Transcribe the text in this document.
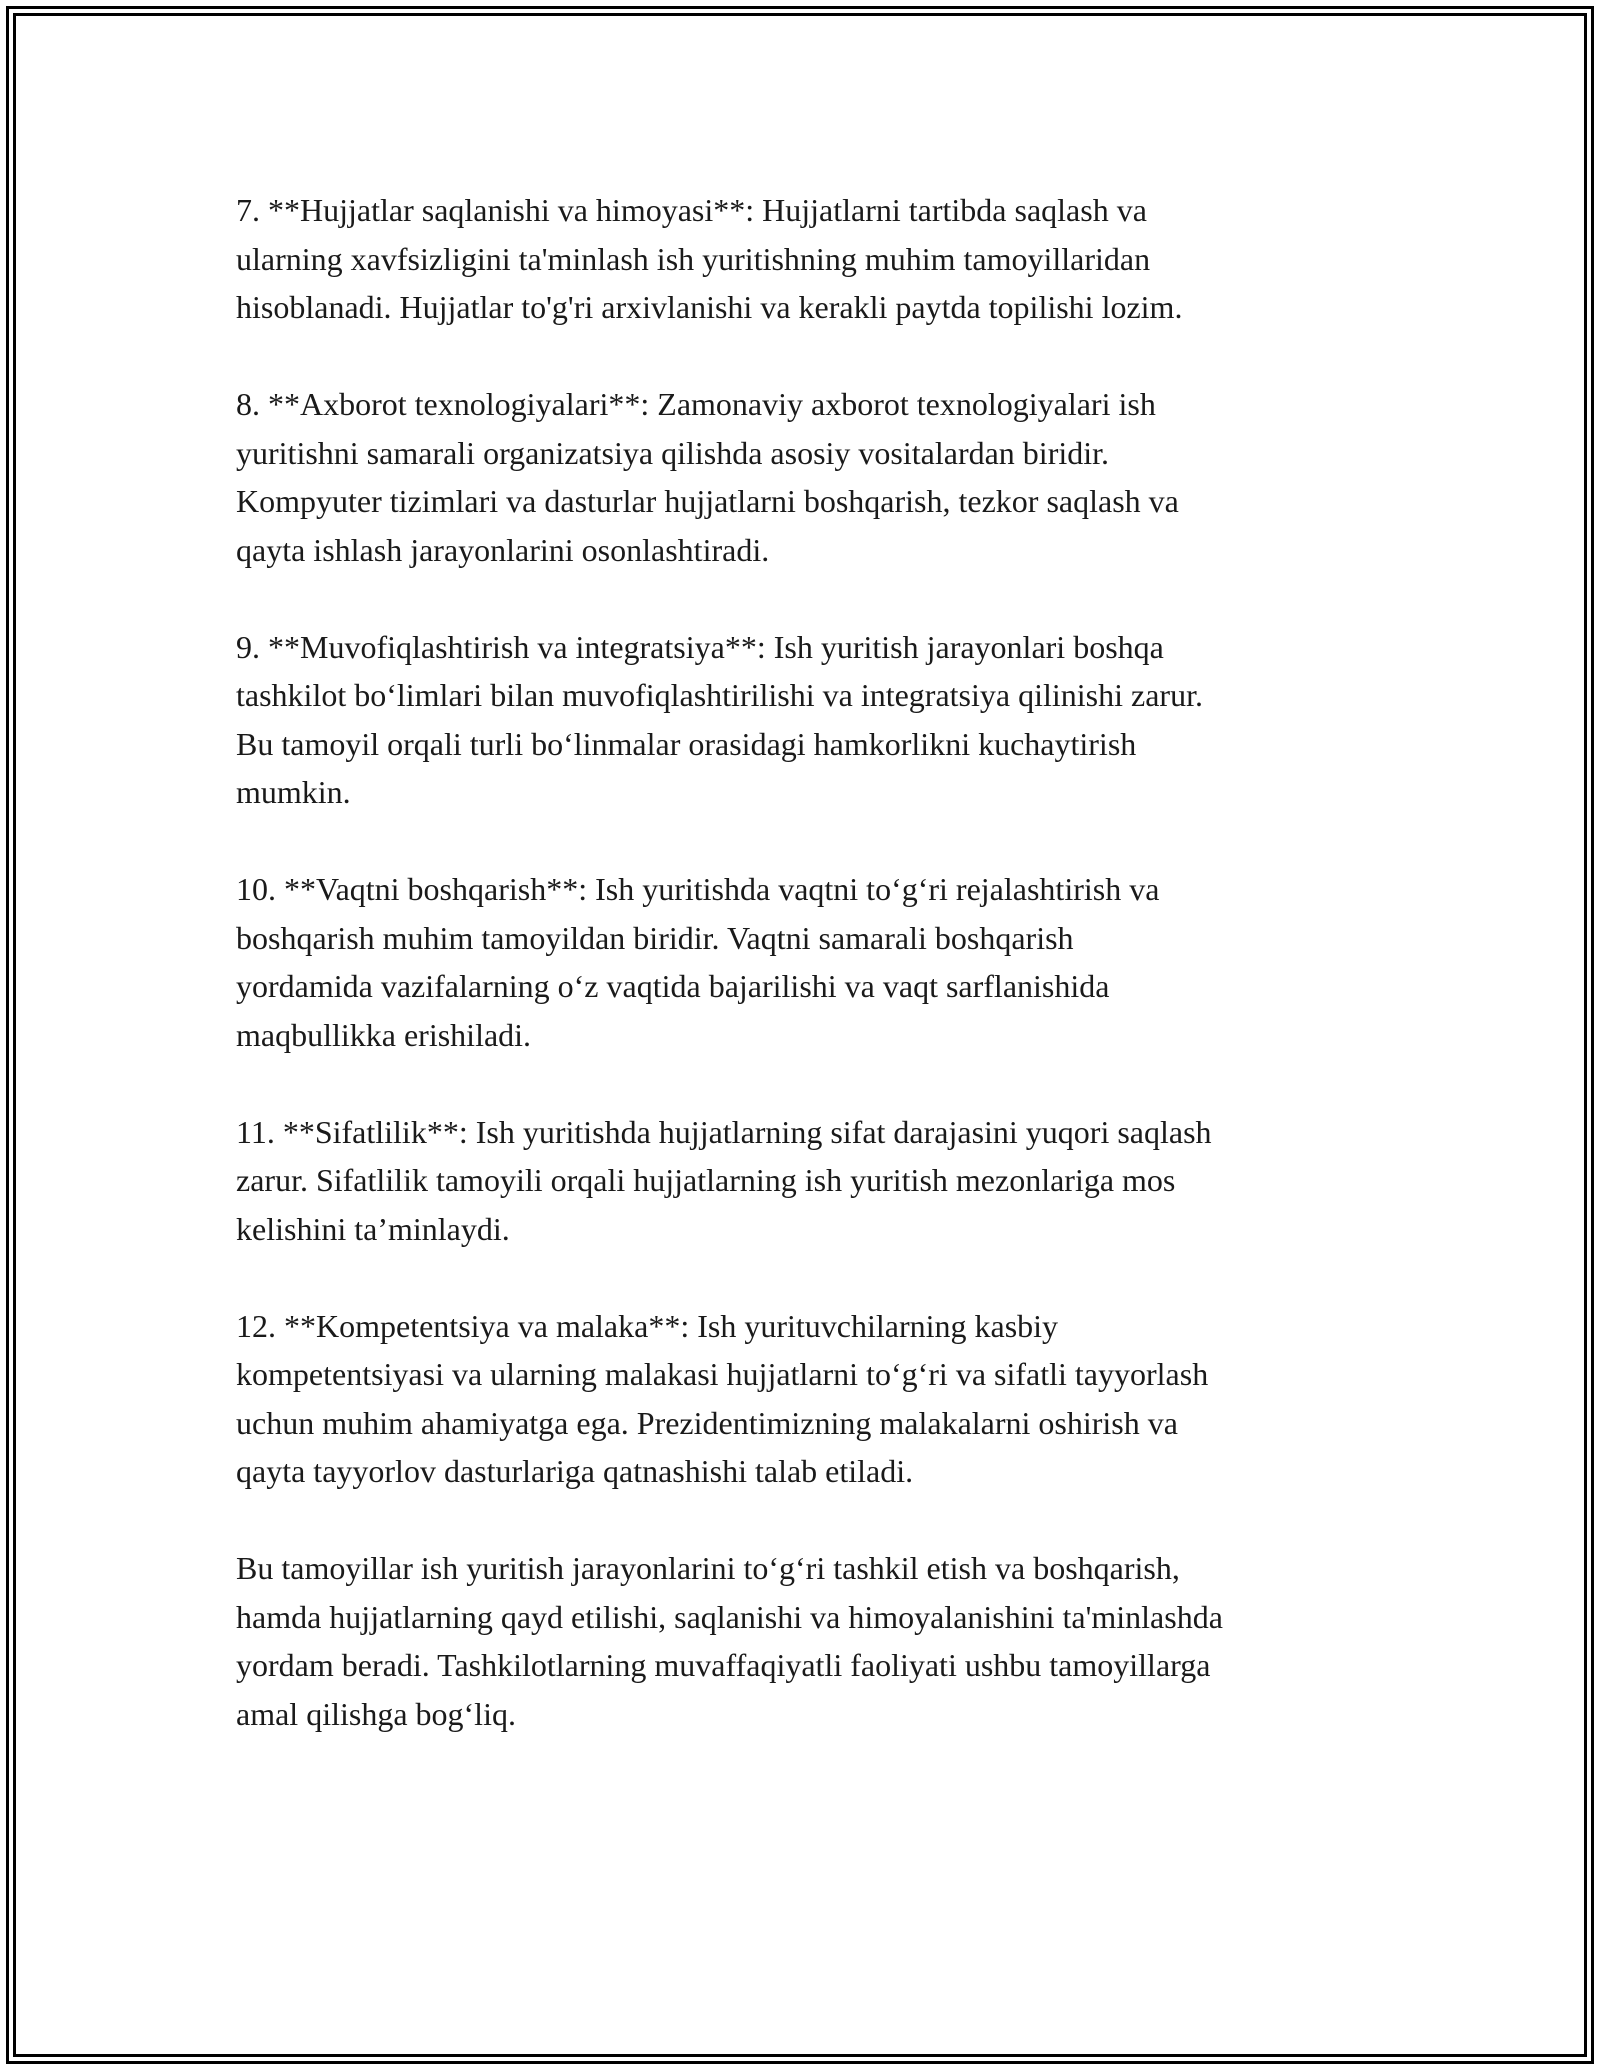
7. **Hujjatlar saqlanishi va himoyasi**: Hujjatlarni tartibda saqlash va
ularning xavfsizligini ta'minlash ish yuritishning muhim tamoyillaridan
hisoblanadi. Hujjatlar to'g'ri arxivlanishi va kerakli paytda topilishi lozim.

8. **Axborot texnologiyalari**: Zamonaviy axborot texnologiyalari ish
yuritishni samarali organizatsiya qilishda asosiy vositalardan biridir.
Kompyuter tizimlari va dasturlar hujjatlarni boshqarish, tezkor saqlash va
qayta ishlash jarayonlarini osonlashtiradi.

9. **Muvofiqlashtirish va integratsiya**: Ish yuritish jarayonlari boshqa
tashkilot bo‘limlari bilan muvofiqlashtirilishi va integratsiya qilinishi zarur.
Bu tamoyil orqali turli bo‘linmalar orasidagi hamkorlikni kuchaytirish
mumkin.

10. **Vaqtni boshqarish**: Ish yuritishda vaqtni to‘g‘ri rejalashtirish va
boshqarish muhim tamoyildan biridir. Vaqtni samarali boshqarish
yordamida vazifalarning o‘z vaqtida bajarilishi va vaqt sarflanishida
maqbullikka erishiladi.

11. **Sifatlilik**: Ish yuritishda hujjatlarning sifat darajasini yuqori saqlash
zarur. Sifatlilik tamoyili orqali hujjatlarning ish yuritish mezonlariga mos
kelishini ta’minlaydi.

12. **Kompetentsiya va malaka**: Ish yurituvchilarning kasbiy
kompetentsiyasi va ularning malakasi hujjatlarni to‘g‘ri va sifatli tayyorlash
uchun muhim ahamiyatga ega. Prezidentimizning malakalarni oshirish va
qayta tayyorlov dasturlariga qatnashishi talab etiladi.

Bu tamoyillar ish yuritish jarayonlarini to‘g‘ri tashkil etish va boshqarish,
hamda hujjatlarning qayd etilishi, saqlanishi va himoyalanishini ta'minlashda
yordam beradi. Tashkilotlarning muvaffaqiyatli faoliyati ushbu tamoyillarga
amal qilishga bog‘liq.
